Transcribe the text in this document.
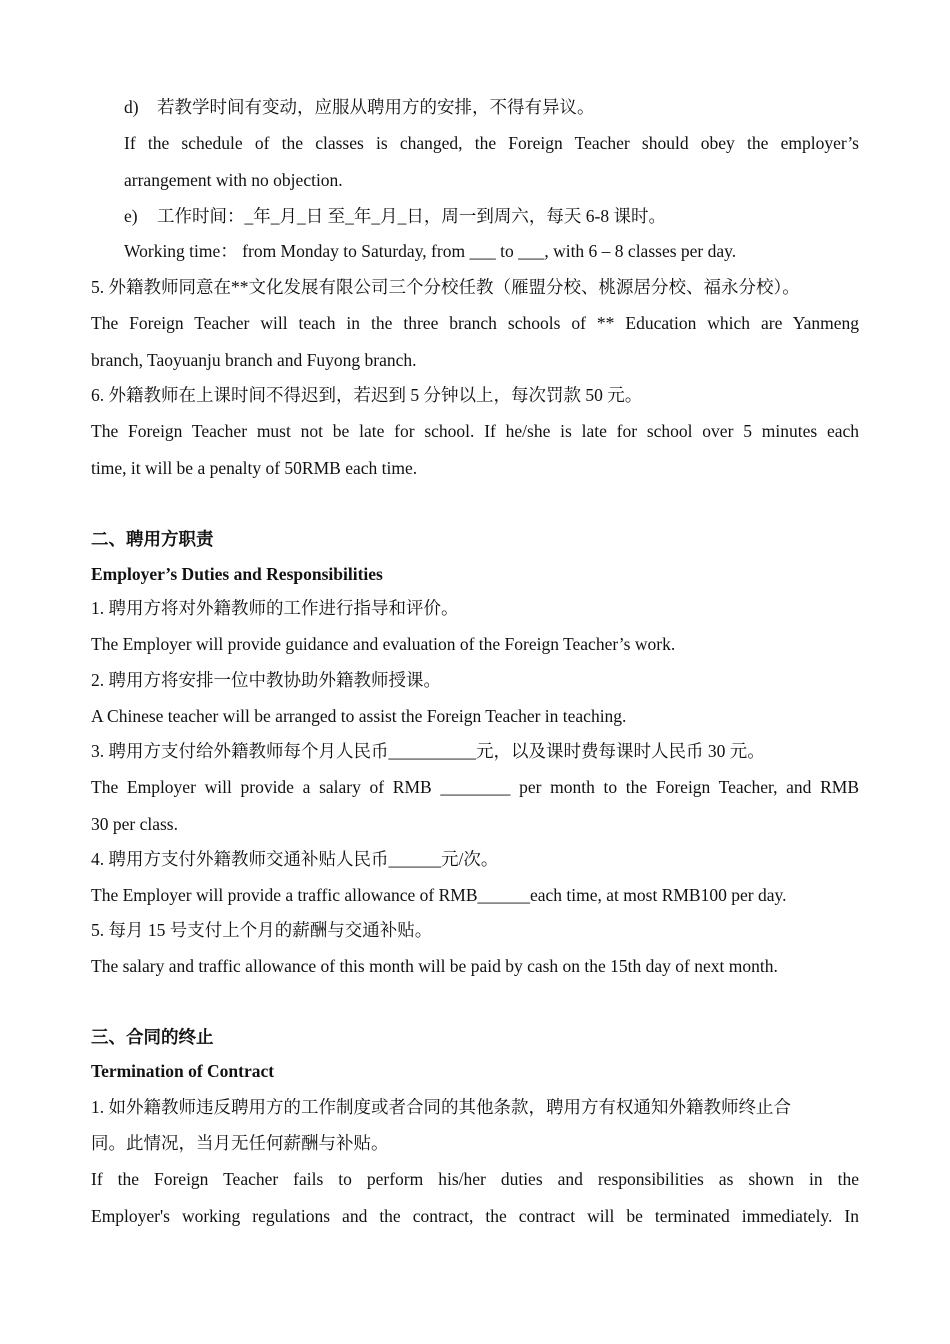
d) 若教学时间有变动，应服从聘用方的安排，不得有异议。
If the schedule of the classes is changed, the Foreign Teacher should obey the employer’s
arrangement with no objection.
e) 工作时间：_年_月_日 至_年_月_日，周一到周六，每天 6-8 课时。
Working time： from Monday to Saturday, from ___ to ___, with 6 – 8 classes per day.
5. 外籍教师同意在**文化发展有限公司三个分校任教（雁盟分校、桃源居分校、福永分校）。
The Foreign Teacher will teach in the three branch schools of ** Education which are Yanmeng
branch, Taoyuanju branch and Fuyong branch.
6. 外籍教师在上课时间不得迟到，若迟到 5 分钟以上，每次罚款 50 元。
The Foreign Teacher must not be late for school. If he/she is late for school over 5 minutes each
time, it will be a penalty of 50RMB each time.
二、聘用方职责
Employer’s Duties and Responsibilities
1. 聘用方将对外籍教师的工作进行指导和评价。
The Employer will provide guidance and evaluation of the Foreign Teacher’s work.
2. 聘用方将安排一位中教协助外籍教师授课。
A Chinese teacher will be arranged to assist the Foreign Teacher in teaching.
3. 聘用方支付给外籍教师每个月人民币__________元，以及课时费每课时人民币 30 元。
The Employer will provide a salary of RMB ________ per month to the Foreign Teacher, and RMB
30 per class.
4. 聘用方支付外籍教师交通补贴人民币______元/次。
The Employer will provide a traffic allowance of RMB______each time, at most RMB100 per day.
5. 每月 15 号支付上个月的薪酬与交通补贴。
The salary and traffic allowance of this month will be paid by cash on the 15th day of next month.
三、合同的终止
Termination of Contract
1. 如外籍教师违反聘用方的工作制度或者合同的其他条款，聘用方有权通知外籍教师终止合
同。此情况，当月无任何薪酬与补贴。
If the Foreign Teacher fails to perform his/her duties and responsibilities as shown in the
Employer's working regulations and the contract, the contract will be terminated immediately. In
